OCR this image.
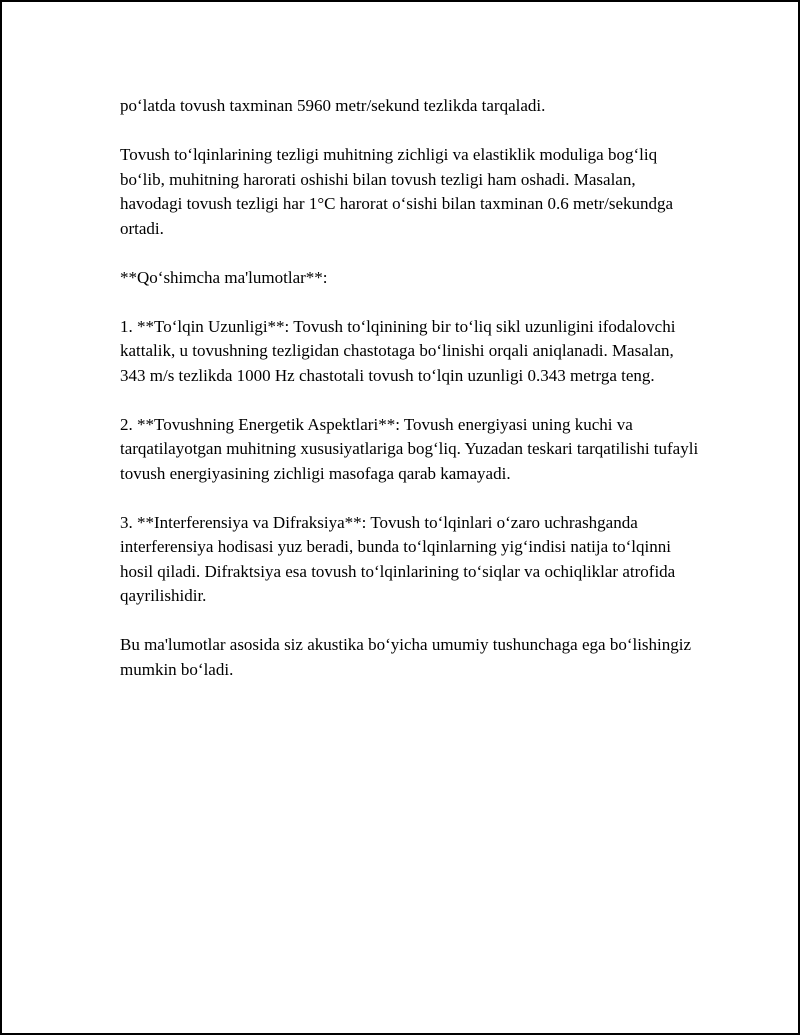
po‘latda tovush taxminan 5960 metr/sekund tezlikda tarqaladi.

Tovush to‘lqinlarining tezligi muhitning zichligi va elastiklik moduliga bog‘liq bo‘lib, muhitning harorati oshishi bilan tovush tezligi ham oshadi. Masalan, havodagi tovush tezligi har 1°C harorat o‘sishi bilan taxminan 0.6 metr/sekundga ortadi.

**Qo‘shimcha ma'lumotlar**:

1. **To‘lqin Uzunligi**: Tovush to‘lqinining bir to‘liq sikl uzunligini ifodalovchi kattalik, u tovushning tezligidan chastotaga bo‘linishi orqali aniqlanadi. Masalan, 343 m/s tezlikda 1000 Hz chastotali tovush to‘lqin uzunligi 0.343 metrga teng.

2. **Tovushning Energetik Aspektlari**: Tovush energiyasi uning kuchi va tarqatilayotgan muhitning xususiyatlariga bog‘liq. Yuzadan teskari tarqatilishi tufayli tovush energiyasining zichligi masofaga qarab kamayadi.

3. **Interferensiya va Difraksiya**: Tovush to‘lqinlari o‘zaro uchrashganda interferensiya hodisasi yuz beradi, bunda to‘lqinlarning yig‘indisi natija to‘lqinni hosil qiladi. Difraktsiya esa tovush to‘lqinlarining to‘siqlar va ochiqliklar atrofida qayrilishidir.

Bu ma'lumotlar asosida siz akustika bo‘yicha umumiy tushunchaga ega bo‘lishingiz mumkin bo‘ladi.
